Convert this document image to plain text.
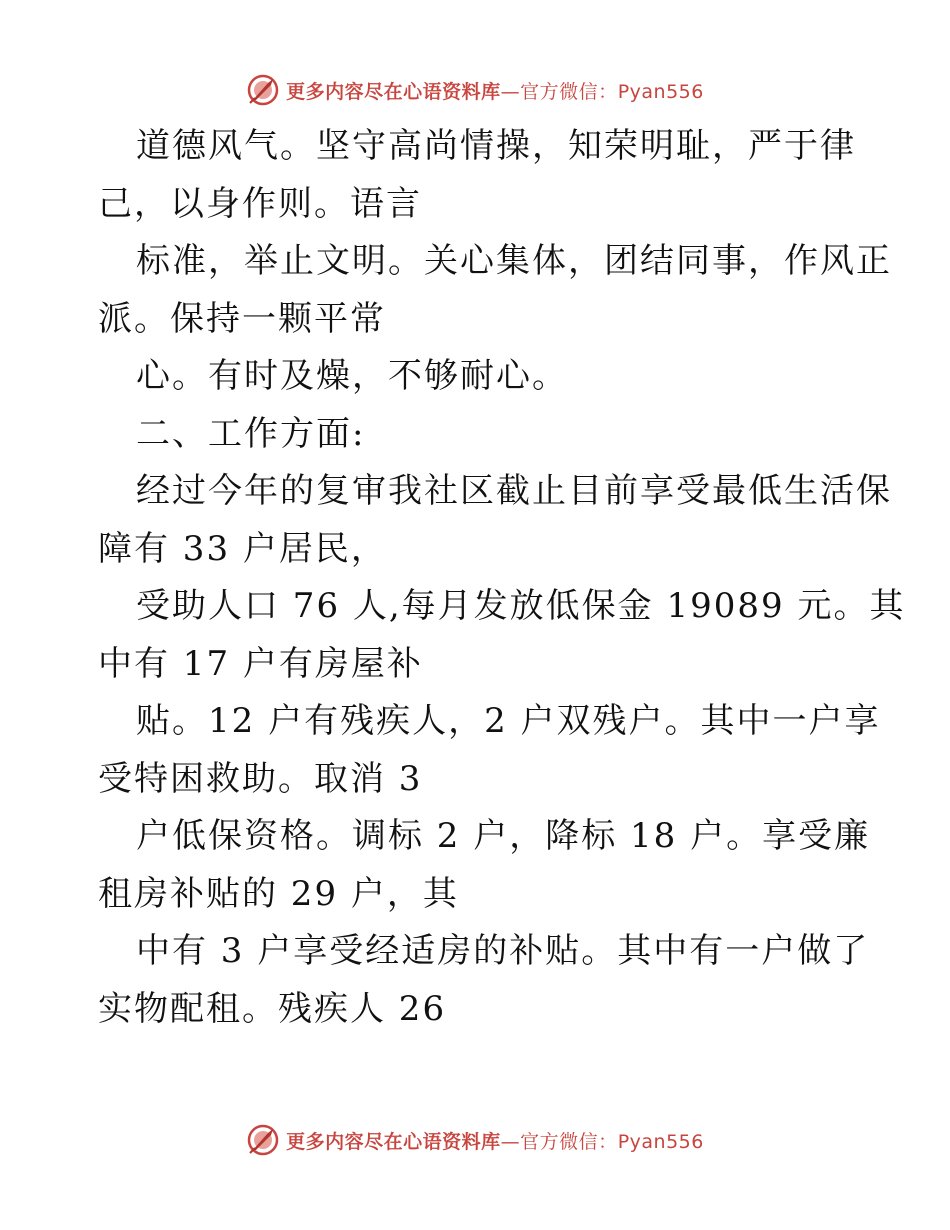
更多内容尽在心语资料库—官方微信：Pyan556
道德风气。坚守高尚情操，知荣明耻，严于律
己，以身作则。语言
标准，举止文明。关心集体，团结同事，作风正
派。保持一颗平常
心。有时及燥，不够耐心。
二、工作方面:
经过今年的复审我社区截止目前享受最低生活保
障有 33 户居民，
受助人口 76 人,每月发放低保金 19089 元。其
中有 17 户有房屋补
贴。12 户有残疾人，2 户双残户。其中一户享
受特困救助。取消 3
户低保资格。调标 2 户，降标 18 户。享受廉
租房补贴的 29 户，其
中有 3 户享受经适房的补贴。其中有一户做了
实物配租。残疾人 26
更多内容尽在心语资料库—官方微信：Pyan556
